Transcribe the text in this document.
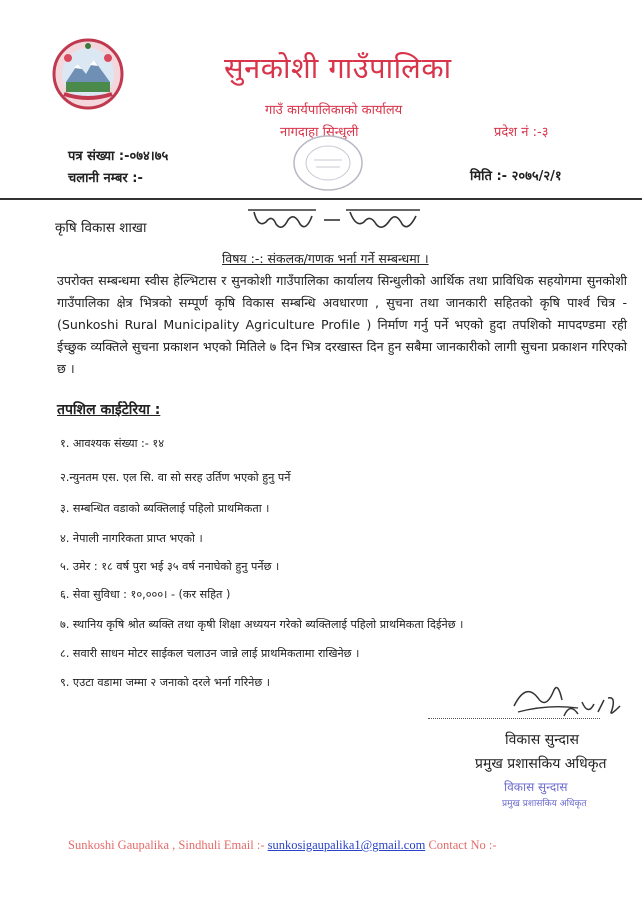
सुनकोशी गाउँपालिका
गाउँ कार्यपालिकाको कार्यालय
नागदाहा सिन्धुली	प्रदेश नं :-३
पत्र संख्या :-०७४।७५
चलानी नम्बर :-	मिति :- २०७५/२/१
कृषि विकास शाखा
विषय :-: संकलक/गणक भर्ना गर्ने सम्बन्धमा ।
उपरोक्त सम्बन्धमा स्वीस हेल्भिटास र सुनकोशी गाउँपालिका कार्यालय सिन्धुलीको आर्थिक तथा प्राविधिक सहयोगमा सुनकोशी गाउँपालिका क्षेत्र भित्रको सम्पूर्ण कृषि विकास सम्बन्धि अवधारणा , सुचना तथा जानकारी सहितको कृषि पार्श्व चित्र - (Sunkoshi Rural Municipality Agriculture Profile ) निर्माण गर्नु पर्ने भएको हुदा तपशिको मापदण्डमा रही ईच्छुक व्यक्तिले सुचना प्रकाशन भएको मितिले ७ दिन भित्र दरखास्त दिन हुन सबैमा जानकारीको लागी सुचना प्रकाशन गरिएको छ ।
तपशिल काईटेरिया :
१. आवश्यक संख्या :- १४
२.न्युनतम एस. एल सि. वा सो सरह उर्तिण भएको हुनु पर्ने
३. सम्बन्धित वडाको ब्यक्तिलाई पहिलो प्राथमिकता ।
४. नेपाली नागरिकता प्राप्त भएको ।
५. उमेर : १८ वर्ष पुरा भई ३५ वर्ष ननाघेको हुनु पर्नेछ ।
६. सेवा सुविधा : १०,०००। - (कर सहित )
७. स्थानिय कृषि श्रोत ब्यक्ति तथा कृषी शिक्षा अध्ययन गरेको ब्यक्तिलाई पहिलो प्राथमिकता दिईनेछ ।
८. सवारी साधन मोटर साईकल चलाउन जान्ने लाई प्राथमिकतामा राखिनेछ ।
९. एउटा वडामा जम्मा २ जनाको दरले भर्ना गरिनेछ ।
विकास सुन्दास
प्रमुख प्रशासकिय अधिकृत
विकास सुन्दास
प्रमुख प्रशासकिय अधिकृत
Sunkoshi Gaupalika , Sindhuli Email :- sunkosigaupalika1@gmail.com Contact No :-
